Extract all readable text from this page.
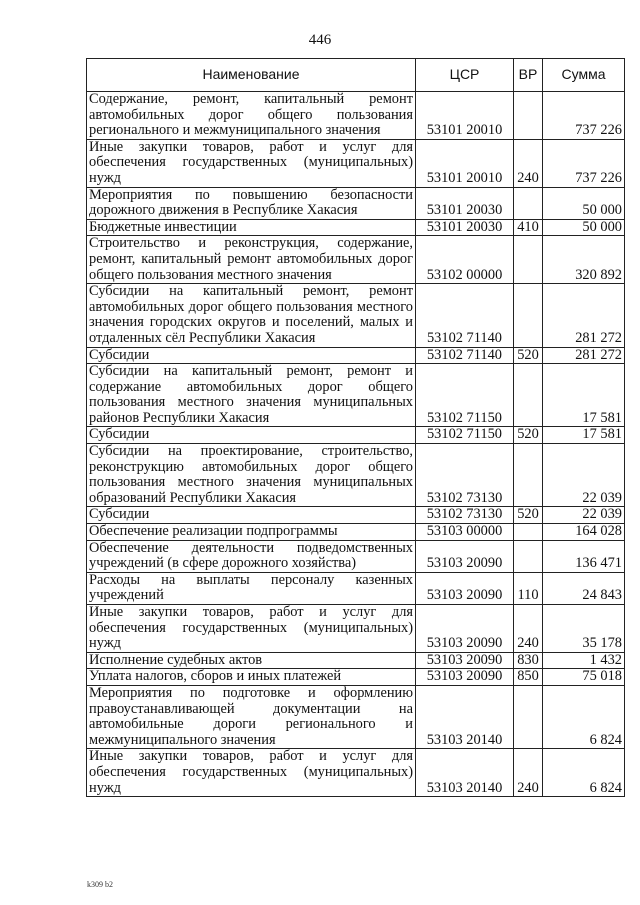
446
Наименование	ЦСР	ВР	Сумма
Содержание, ремонт, капитальный ремонт автомобильных дорог общего пользования регионального и межмуниципального значения	53101 20010		737 226
Иные закупки товаров, работ и услуг для обеспечения государственных (муниципальных) нужд	53101 20010	240	737 226
Мероприятия по повышению безопасности дорожного движения в Республике Хакасия	53101 20030		50 000
Бюджетные инвестиции	53101 20030	410	50 000
Строительство и реконструкция, содержание, ремонт, капитальный ремонт автомобильных дорог общего пользования местного значения	53102 00000		320 892
Субсидии на капитальный ремонт, ремонт автомобильных дорог общего пользования местного значения городских округов и поселений, малых и отдаленных сёл Республики Хакасия	53102 71140		281 272
Субсидии	53102 71140	520	281 272
Субсидии на капитальный ремонт, ремонт и содержание автомобильных дорог общего пользования местного значения муниципальных районов Республики Хакасия	53102 71150		17 581
Субсидии	53102 71150	520	17 581
Субсидии на проектирование, строительство, реконструкцию автомобильных дорог общего пользования местного значения муниципальных образований Республики Хакасия	53102 73130		22 039
Субсидии	53102 73130	520	22 039
Обеспечение реализации подпрограммы	53103 00000		164 028
Обеспечение деятельности подведомственных учреждений (в сфере дорожного хозяйства)	53103 20090		136 471
Расходы на выплаты персоналу казенных учреждений	53103 20090	110	24 843
Иные закупки товаров, работ и услуг для обеспечения государственных (муниципальных) нужд	53103 20090	240	35 178
Исполнение судебных актов	53103 20090	830	1 432
Уплата налогов, сборов и иных платежей	53103 20090	850	75 018
Мероприятия по подготовке и оформлению правоустанавливающей документации на автомобильные дороги регионального и межмуниципального значения	53103 20140		6 824
Иные закупки товаров, работ и услуг для обеспечения государственных (муниципальных) нужд	53103 20140	240	6 824
k309 b2
